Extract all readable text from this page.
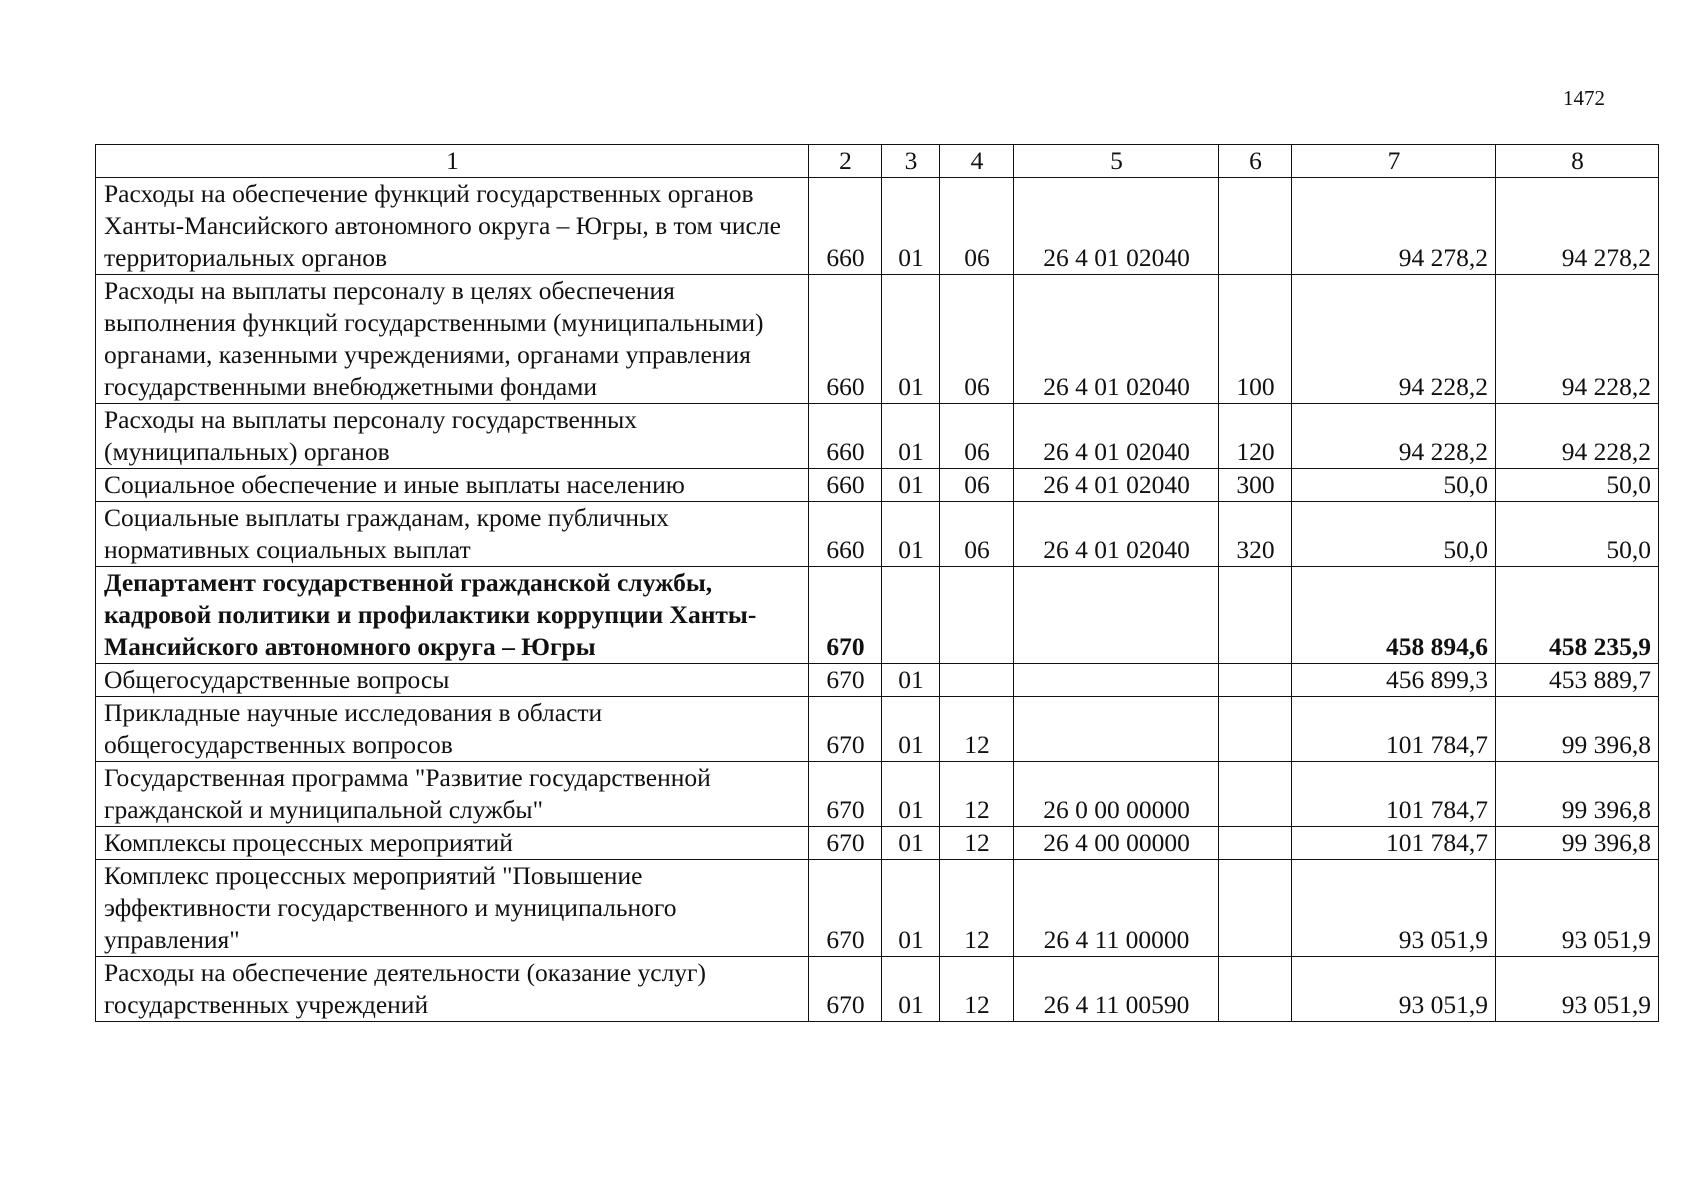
1472
1	2	3	4	5	6	7	8
Расходы на обеспечение функций государственных органов Ханты-Мансийского автономного округа – Югры, в том числе территориальных органов	660	01	06	26 4 01 02040		94 278,2	94 278,2
Расходы на выплаты персоналу в целях обеспечения выполнения функций государственными (муниципальными) органами, казенными учреждениями, органами управления государственными внебюджетными фондами	660	01	06	26 4 01 02040	100	94 228,2	94 228,2
Расходы на выплаты персоналу государственных (муниципальных) органов	660	01	06	26 4 01 02040	120	94 228,2	94 228,2
Социальное обеспечение и иные выплаты населению	660	01	06	26 4 01 02040	300	50,0	50,0
Социальные выплаты гражданам, кроме публичных нормативных социальных выплат	660	01	06	26 4 01 02040	320	50,0	50,0
Департамент государственной гражданской службы, кадровой политики и профилактики коррупции Ханты-Мансийского автономного округа – Югры	670					458 894,6	458 235,9
Общегосударственные вопросы	670	01				456 899,3	453 889,7
Прикладные научные исследования в области общегосударственных вопросов	670	01	12			101 784,7	99 396,8
Государственная программа "Развитие государственной гражданской и муниципальной службы"	670	01	12	26 0 00 00000		101 784,7	99 396,8
Комплексы процессных мероприятий	670	01	12	26 4 00 00000		101 784,7	99 396,8
Комплекс процессных мероприятий "Повышение эффективности государственного и муниципального управления"	670	01	12	26 4 11 00000		93 051,9	93 051,9
Расходы на обеспечение деятельности (оказание услуг) государственных учреждений	670	01	12	26 4 11 00590		93 051,9	93 051,9
